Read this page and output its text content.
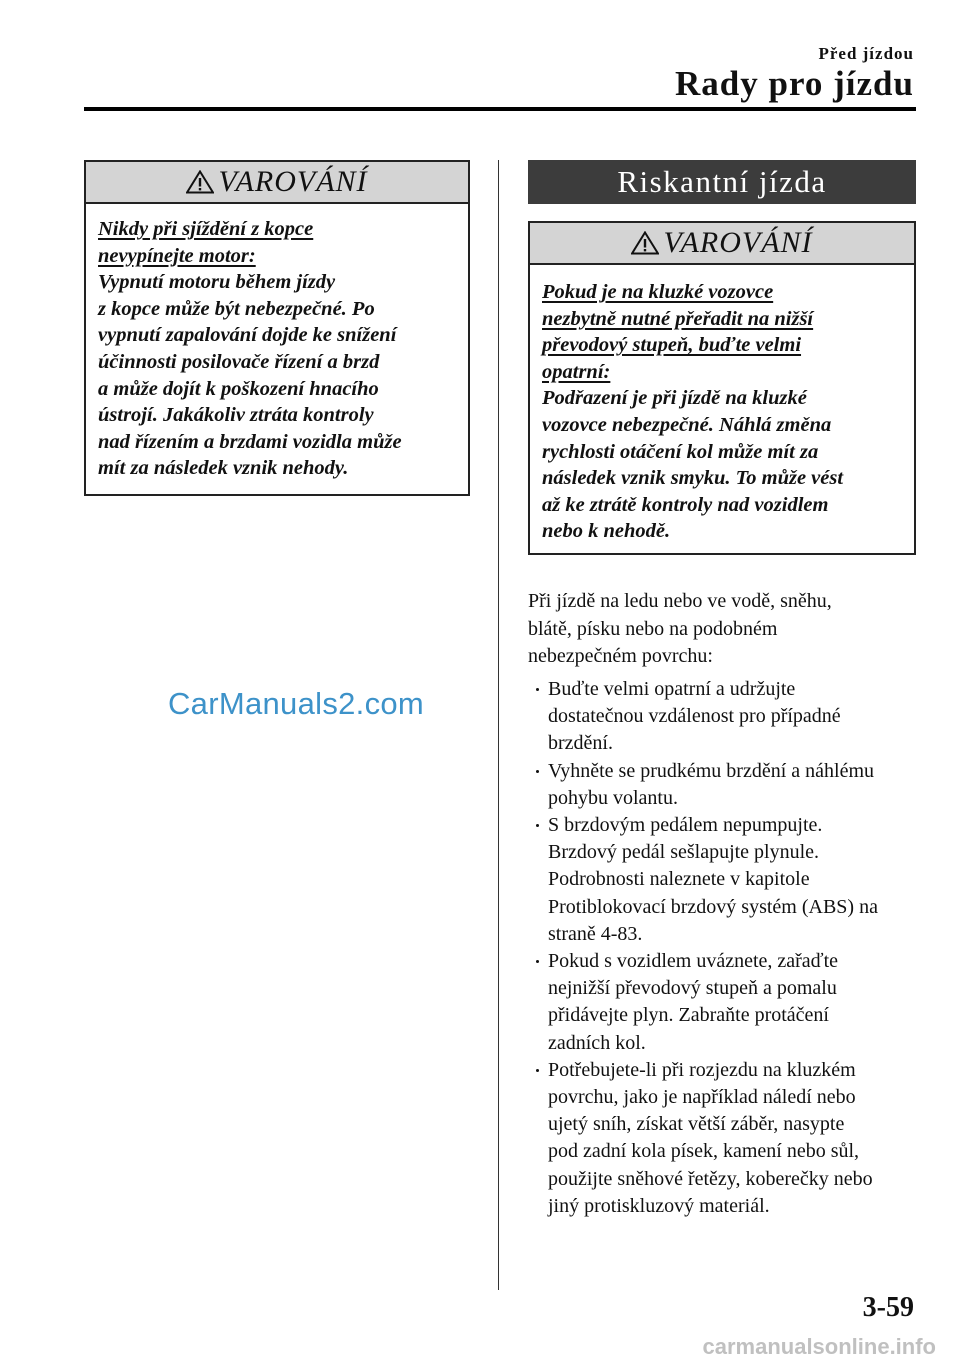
Před jízdou
Rady pro jízdu
VAROVÁNÍ
Nikdy při sjíždění z kopce
nevypínejte motor:
Vypnutí motoru během jízdy
z kopce může být nebezpečné. Po
vypnutí zapalování dojde ke snížení
účinnosti posilovače řízení a brzd
a může dojít k poškození hnacího
ústrojí. Jakákoliv ztráta kontroly
nad řízením a brzdami vozidla může
mít za následek vznik nehody.
Riskantní jízda
VAROVÁNÍ
Pokud je na kluzké vozovce
nezbytně nutné přeřadit na nižší
převodový stupeň, buďte velmi
opatrní:
Podřazení je při jízdě na kluzké
vozovce nebezpečné. Náhlá změna
rychlosti otáčení kol může mít za
následek vznik smyku. To může vést
až ke ztrátě kontroly nad vozidlem
nebo k nehodě.
Při jízdě na ledu nebo ve vodě, sněhu,
blátě, písku nebo na podobném
nebezpečném povrchu:
Buďte velmi opatrní a udržujte
dostatečnou vzdálenost pro případné
brzdění.
Vyhněte se prudkému brzdění a náhlému
pohybu volantu.
S brzdovým pedálem nepumpujte.
Brzdový pedál sešlapujte plynule.
Podrobnosti naleznete v kapitole
Protiblokovací brzdový systém (ABS) na
straně 4-83.
Pokud s vozidlem uváznete, zařaďte
nejnižší převodový stupeň a pomalu
přidávejte plyn. Zabraňte protáčení
zadních kol.
Potřebujete-li při rozjezdu na kluzkém
povrchu, jako je například náledí nebo
ujetý sníh, získat větší záběr, nasypte
pod zadní kola písek, kamení nebo sůl,
použijte sněhové řetězy, koberečky nebo
jiný protiskluzový materiál.
CarManuals2.com
3-59
carmanualsonline.info
